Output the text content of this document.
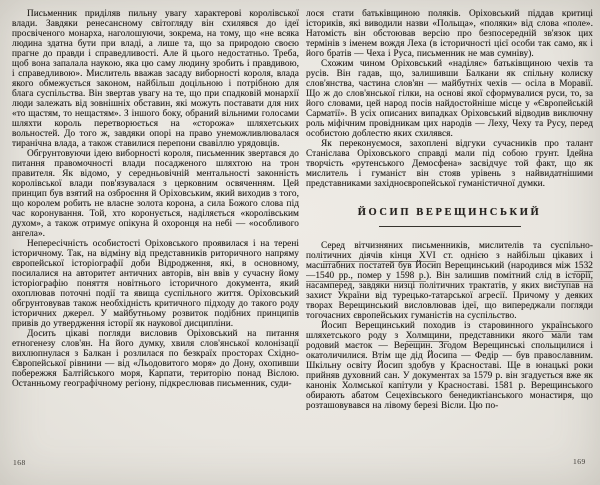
Письменник приділяв пильну увагу характерові королівської влади. Завдяки ренесансному світогляду він схилявся до ідеї просвіченого монарха, наголошуючи, зокрема, на тому, що «не всяка людина здатна бути при владі, а лише та, що за природою своєю прагне до правди і справедливості. Але й цього недостатньо. Треба, щоб вона запалала наукою, яка цю саму людину зробить і правдивою, і справедливою». Мислитель вважав засаду виборності короля, влада якого обмежується законом, найбільш доцільною і потрібною для блага суспільства. Він звертав увагу на те, що при спадковій монархії люди залежать від зовнішніх обставин, які можуть поставати для них «то щастям, то нещастям». З іншого боку, обраний вільними голосами шляхти король перетворюється на «сторожа» шляхетських вольностей. До того ж, завдяки опорі на право унеможливлювалася тиранічна влада, а також ставилися перепони свавіллю урядовців.

Обгрунтовуючи ідею виборності короля, письменник звертався до питання правомочності влади посадженого шляхтою на трон правителя. Як відомо, у середньовічній ментальності законність королівської влади пов'язувалася з церковним освяченням. Цей принцип був взятий на озброєння й Оріховським, який виходив з того, що королем робить не власне золота корона, а сила Божого слова під час коронування. Той, хто коронується, наділяється «королівським духом», а також отримує опікуна й охоронця на небі — «особливого ангела».

Непересічність особистості Оріховського проявилася і на терені історичному. Так, на відміну від представників риторичного напряму європейської історіографії доби Відродження, які, в основному, посилалися на авторитет античних авторів, він ввів у сучасну йому історіографію поняття новітнього історичного документа, який охоплював поточні події та явища суспільного життя. Оріховський обгрунтовував також необхідність критичного підходу до такого роду історичних джерел. У майбутньому розвиток подібних принципів привів до утвердження історії як наукової дисципліни.

Досить цікаві погляди висловив Оріховський на питання етногенезу слов'ян. На його думку, хвиля слов'янської колонізації вихлюпнулася з Балкан і розлилася по безкраїх просторах Східно-Європейської рівнини — від «Льодовитого моря» до Дону, охопивши побережжя Балтійського моря, Карпати, територію понад Віслою. Останньому географічному регіону, підкреслював письменник, суди-

лося стати батьківщиною поляків. Оріховський піддав критиці істориків, які виводили назви «Польща», «поляки» від слова «поле». Натомість він обстоював версію про безпосередній зв'язок цих термінів з іменем вождя Леха (в історичності цієї особи так само, як і його братів — Чеха і Руса, письменник не мав сумніву).

Схожим чином Оріховський «наділяє» батьківщиною чехів та русів. Він гадав, що, залишивши Балкани як спільну колиску слов'янства, частина слов'ян — майбутніх чехів — осіла в Моравії. Що ж до слов'янської гілки, на основі якої сформувалися руси, то, за його словами, цей народ посів найдостойніше місце у «Європейській Сарматії». В усіх описаних випадках Оріховський відводив виключну роль міфічним провідникам цих народів — Леху, Чеху та Русу, перед особистою доблестю яких схилявся.

Як переконуємося, захоплені відгуки сучасників про талант Станіслава Оріховського справді мали під собою грунт. Ідейна творчість «рутенського Демосфена» засвідчує той факт, що як мислитель і гуманіст він стояв урівень з найвидатнішими представниками західноєвропейської гуманістичної думки.

ЙОСИП ВЕРЕЩИНСЬКИЙ

Серед вітчизняних письменників, мислителів та суспільно-політичних діячів кінця XVI ст. однією з найбільш цікавих і масштабних постатей був Йосип Верещинський (народився між 1532—1540 рр., помер у 1598 р.). Він залишив помітний слід в історії, насамперед, завдяки низці політичних трактатів, у яких виступав на захист України від турецько-татарської агресії. Причому у деяких творах Верещинський висловлював ідеї, що випереджали погляди тогочасних європейських гуманістів на суспільство.

Йосип Верещинський походив із старовинного українського шляхетського роду з Холмщини, представники якого мали там родовий маєток — Верещин. Згодом Верещинські спольщилися і окатоличилися. Втім ще дід Йосипа — Федір — був православним. Шкільну освіту Йосип здобув у Красноставі. Ще в юнацькі роки прийняв духовний сан. У документах за 1579 р. він згадується вже як канонік Холмської капітули у Красноставі. 1581 р. Верещинського обирають абатом Сецехівського бенедиктіанського монастиря, що розташовувався на лівому березі Вісли. Цю по-

168	169
